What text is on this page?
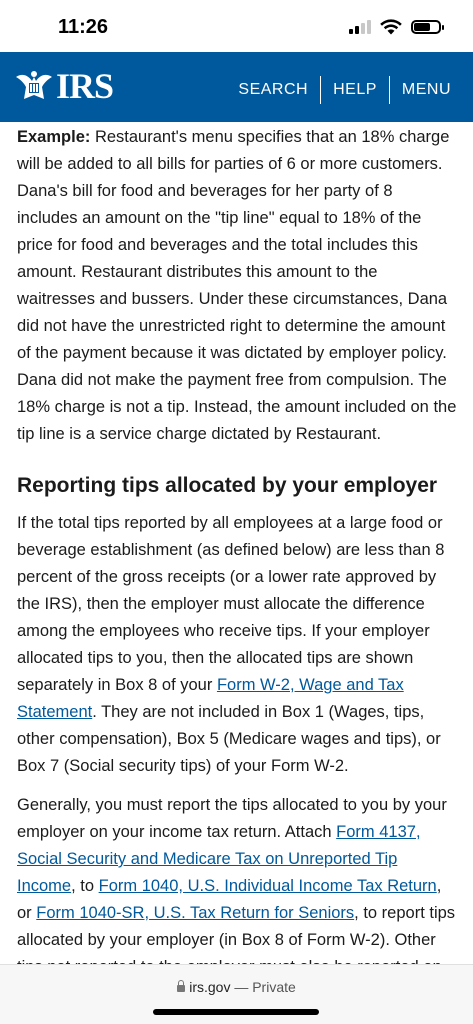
11:26
IRS	SEARCH	HELP	MENU

Example: Restaurant's menu specifies that an 18% charge will be added to all bills for parties of 6 or more customers. Dana's bill for food and beverages for her party of 8 includes an amount on the "tip line" equal to 18% of the price for food and beverages and the total includes this amount. Restaurant distributes this amount to the waitresses and bussers. Under these circumstances, Dana did not have the unrestricted right to determine the amount of the payment because it was dictated by employer policy. Dana did not make the payment free from compulsion. The 18% charge is not a tip. Instead, the amount included on the tip line is a service charge dictated by Restaurant.

Reporting tips allocated by your employer

If the total tips reported by all employees at a large food or beverage establishment (as defined below) are less than 8 percent of the gross receipts (or a lower rate approved by the IRS), then the employer must allocate the difference among the employees who receive tips. If your employer allocated tips to you, then the allocated tips are shown separately in Box 8 of your Form W-2, Wage and Tax Statement. They are not included in Box 1 (Wages, tips, other compensation), Box 5 (Medicare wages and tips), or Box 7 (Social security tips) of your Form W-2.

Generally, you must report the tips allocated to you by your employer on your income tax return. Attach Form 4137, Social Security and Medicare Tax on Unreported Tip Income, to Form 1040, U.S. Individual Income Tax Return, or Form 1040-SR, U.S. Tax Return for Seniors, to report tips allocated by your employer (in Box 8 of Form W-2). Other

irs.gov — Private
